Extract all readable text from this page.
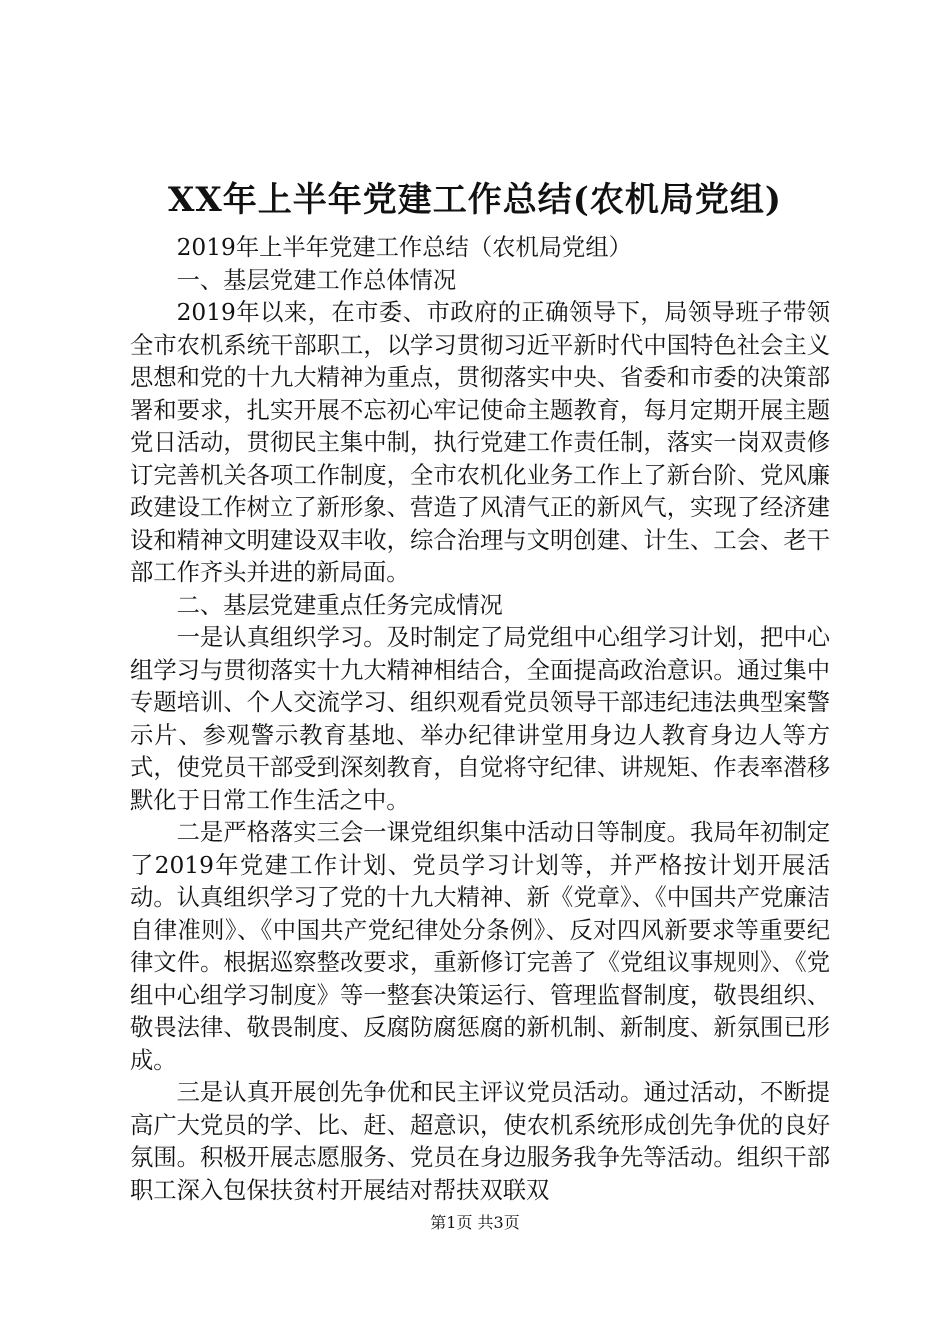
XX年上半年党建工作总结(农机局党组)

2019年上半年党建工作总结（农机局党组）

一、基层党建工作总体情况

2019年以来，在市委、市政府的正确领导下，局领导班子带领全市农机系统干部职工，以学习贯彻习近平新时代中国特色社会主义思想和党的十九大精神为重点，贯彻落实中央、省委和市委的决策部署和要求，扎实开展不忘初心牢记使命主题教育，每月定期开展主题党日活动，贯彻民主集中制，执行党建工作责任制，落实一岗双责修订完善机关各项工作制度，全市农机化业务工作上了新台阶、党风廉政建设工作树立了新形象、营造了风清气正的新风气，实现了经济建设和精神文明建设双丰收，综合治理与文明创建、计生、工会、老干部工作齐头并进的新局面。

二、基层党建重点任务完成情况

一是认真组织学习。及时制定了局党组中心组学习计划，把中心组学习与贯彻落实十九大精神相结合，全面提高政治意识。通过集中专题培训、个人交流学习、组织观看党员领导干部违纪违法典型案警示片、参观警示教育基地、举办纪律讲堂用身边人教育身边人等方式，使党员干部受到深刻教育，自觉将守纪律、讲规矩、作表率潜移默化于日常工作生活之中。

二是严格落实三会一课党组织集中活动日等制度。我局年初制定了2019年党建工作计划、党员学习计划等，并严格按计划开展活动。认真组织学习了党的十九大精神、新《党章》、《中国共产党廉洁自律准则》、《中国共产党纪律处分条例》、反对四风新要求等重要纪律文件。根据巡察整改要求，重新修订完善了《党组议事规则》、《党组中心组学习制度》等一整套决策运行、管理监督制度，敬畏组织、敬畏法律、敬畏制度、反腐防腐惩腐的新机制、新制度、新氛围已形成。

三是认真开展创先争优和民主评议党员活动。通过活动，不断提高广大党员的学、比、赶、超意识，使农机系统形成创先争优的良好氛围。积极开展志愿服务、党员在身边服务我争先等活动。组织干部职工深入包保扶贫村开展结对帮扶双联双

第1页 共3页
